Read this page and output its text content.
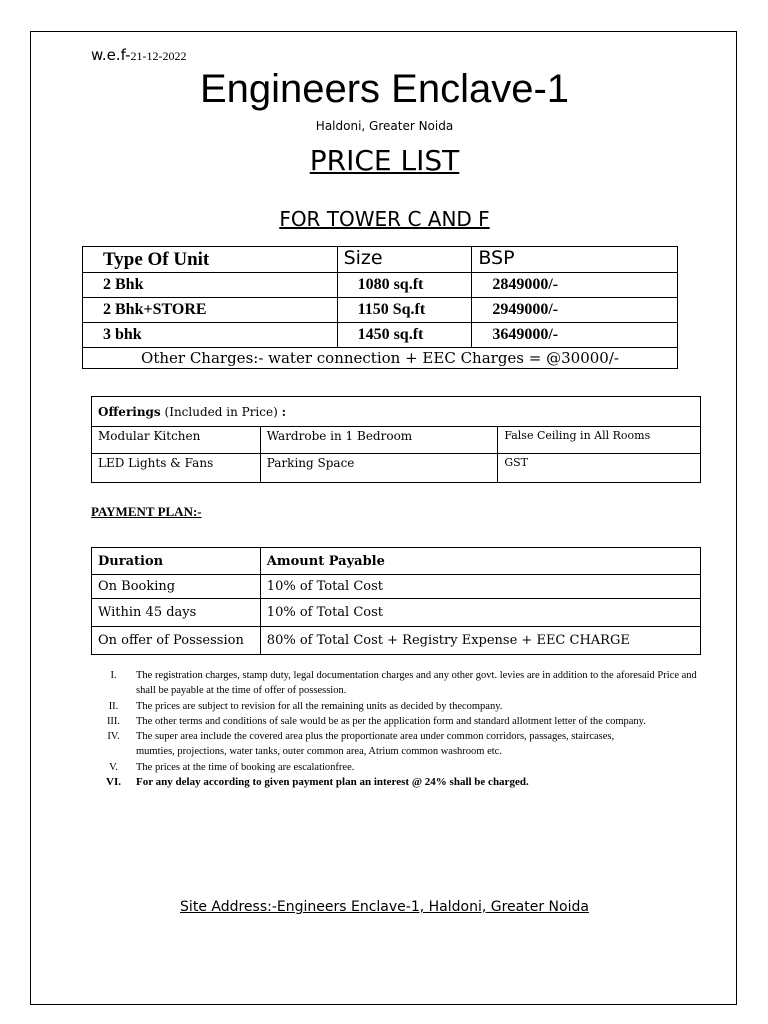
w.e.f-21-12-2022
Engineers Enclave-1
Haldoni, Greater Noida
PRICE LIST
FOR TOWER C AND F
Type Of Unit	Size	BSP
2 Bhk	1080 sq.ft	2849000/-
2 Bhk+STORE	1150 Sq.ft	2949000/-
3 bhk	1450 sq.ft	3649000/-
Other Charges:- water connection + EEC Charges = @30000/-		
Offerings (Included in Price) :		
Modular Kitchen	Wardrobe in 1 Bedroom	False Ceiling in All Rooms
LED Lights & Fans	Parking Space	GST
PAYMENT PLAN:-
Duration	Amount Payable
On Booking	10% of Total Cost
Within 45 days	10% of Total Cost
On offer of Possession	80% of Total Cost + Registry Expense + EEC CHARGE
I.	The registration charges, stamp duty, legal documentation charges and any other govt. levies are in addition to the aforesaid Price and shall be payable at the time of offer of possession.
II.	The prices are subject to revision for all the remaining units as decided by thecompany.
III.	The other terms and conditions of sale would be as per the application form and standard allotment letter of the company.
IV.	The super area include the covered area plus the proportionate area under common corridors, passages, staircases, mumties, projections, water tanks, outer common area, Atrium common washroom etc.
V.	The prices at the time of booking are escalationfree.
VI.	For any delay according to given payment plan an interest @ 24% shall be charged.
Site Address:-Engineers Enclave-1, Haldoni, Greater Noida
